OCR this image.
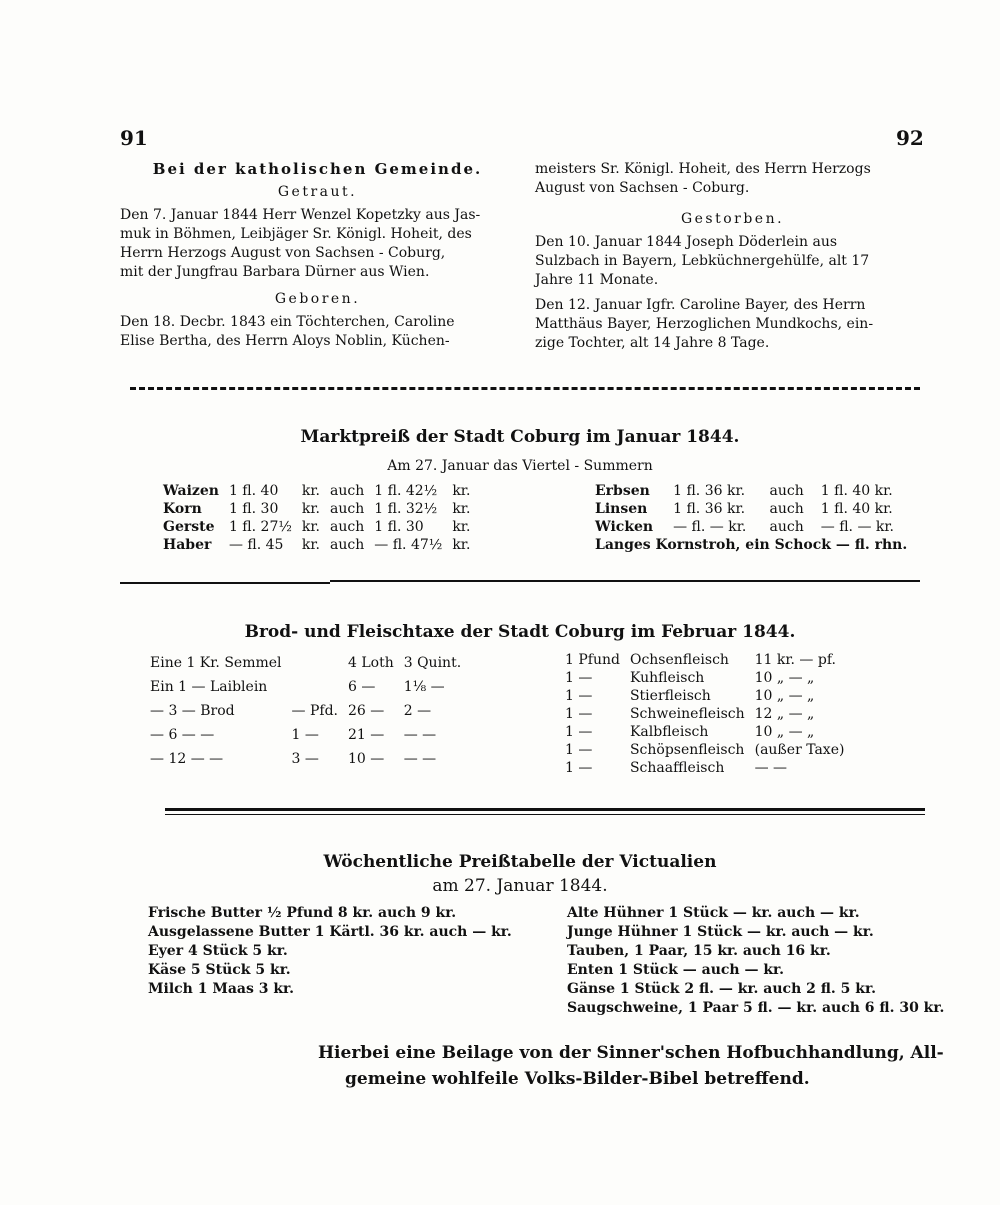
91	92

Bei der katholischen Gemeinde.

Getraut.

Den 7. Januar 1844 Herr Wenzel Kopetzky aus Jas-

muk in Böhmen, Leibjäger Sr. Königl. Hoheit, des

Herrn Herzogs August von Sachsen - Coburg,

mit der Jungfrau Barbara Dürner aus Wien.

Geboren.

Den 18. Decbr. 1843 ein Töchterchen, Caroline

Elise Bertha, des Herrn Aloys Noblin, Küchen-

meisters Sr. Königl. Hoheit, des Herrn Herzogs

August von Sachsen - Coburg.

Gestorben.

Den 10. Januar 1844 Joseph Döderlein aus

Sulzbach in Bayern, Lebküchnergehülfe, alt 17

Jahre 11 Monate.

Den 12. Januar Igfr. Caroline Bayer, des Herrn

Matthäus Bayer, Herzoglichen Mundkochs, ein-

zige Tochter, alt 14 Jahre 8 Tage.

Marktpreiß der Stadt Coburg im Januar 1844.
Am 27. Januar das Viertel - Summern
Waizen	1 fl. 40	kr.	auch	1 fl. 42½	kr.
Korn	1 fl. 30	kr.	auch	1 fl. 32½	kr.
Gerste	1 fl. 27½	kr.	auch	1 fl. 30	kr.
Haber	— fl. 45	kr.	auch	— fl. 47½	kr.
Erbsen	1 fl. 36 kr.	auch	1 fl. 40 kr.
Linsen	1 fl. 36 kr.	auch	1 fl. 40 kr.
Wicken	— fl. — kr.	auch	— fl. — kr.
Langes Kornstroh, ein Schock — fl. rhn.			
Brod- und Fleischtaxe der Stadt Coburg im Februar 1844.
Eine 1 Kr. Semmel		4 Loth	3 Quint.
Ein 1 — Laiblein		6 —	1⅛ —
— 3 — Brod	— Pfd.	26 —	2 —
— 6 — —	1 —	21 —	— —
— 12 — —	3 —	10 —	— —
1 Pfund	Ochsenfleisch	11 kr. — pf.
1 —	Kuhfleisch	10 „ — „
1 —	Stierfleisch	10 „ — „
1 —	Schweinefleisch	12 „ — „
1 —	Kalbfleisch	10 „ — „
1 —	Schöpsenfleisch	(außer Taxe)
1 —	Schaaffleisch	— —
Wöchentliche Preißtabelle der Victualien
am 27. Januar 1844.

Frische Butter ½ Pfund 8 kr. auch 9 kr.

Ausgelassene Butter 1 Kärtl. 36 kr. auch — kr.

Eyer 4 Stück 5 kr.

Käse 5 Stück 5 kr.

Milch 1 Maas 3 kr.

Alte Hühner 1 Stück — kr. auch — kr.

Junge Hühner 1 Stück — kr. auch — kr.

Tauben, 1 Paar, 15 kr. auch 16 kr.

Enten 1 Stück — auch — kr.

Gänse 1 Stück 2 fl. — kr. auch 2 fl. 5 kr.

Saugschweine, 1 Paar 5 fl. — kr. auch 6 fl. 30 kr.

Hierbei eine Beilage von der Sinner'schen Hofbuchhandlung, All-
gemeine wohlfeile Volks-Bilder-Bibel betreffend.
